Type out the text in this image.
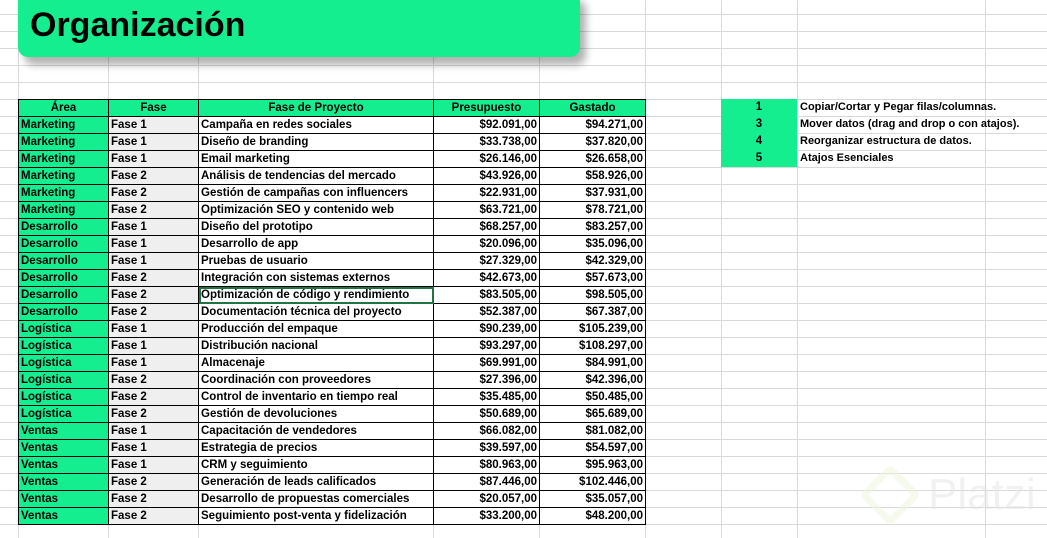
Organización
Área	Fase	Fase de Proyecto	Presupuesto	Gastado
Marketing	Fase 1	Campaña en redes sociales	$92.091,00	$94.271,00
Marketing	Fase 1	Diseño de branding	$33.738,00	$37.820,00
Marketing	Fase 1	Email marketing	$26.146,00	$26.658,00
Marketing	Fase 2	Análisis de tendencias del mercado	$43.926,00	$58.926,00
Marketing	Fase 2	Gestión de campañas con influencers	$22.931,00	$37.931,00
Marketing	Fase 2	Optimización SEO y contenido web	$63.721,00	$78.721,00
Desarrollo	Fase 1	Diseño del prototipo	$68.257,00	$83.257,00
Desarrollo	Fase 1	Desarrollo de app	$20.096,00	$35.096,00
Desarrollo	Fase 1	Pruebas de usuario	$27.329,00	$42.329,00
Desarrollo	Fase 2	Integración con sistemas externos	$42.673,00	$57.673,00
Desarrollo	Fase 2	Optimización de código y rendimiento	$83.505,00	$98.505,00
Desarrollo	Fase 2	Documentación técnica del proyecto	$52.387,00	$67.387,00
Logística	Fase 1	Producción del empaque	$90.239,00	$105.239,00
Logística	Fase 1	Distribución nacional	$93.297,00	$108.297,00
Logística	Fase 1	Almacenaje	$69.991,00	$84.991,00
Logística	Fase 2	Coordinación con proveedores	$27.396,00	$42.396,00
Logística	Fase 2	Control de inventario en tiempo real	$35.485,00	$50.485,00
Logística	Fase 2	Gestión de devoluciones	$50.689,00	$65.689,00
Ventas	Fase 1	Capacitación de vendedores	$66.082,00	$81.082,00
Ventas	Fase 1	Estrategia de precios	$39.597,00	$54.597,00
Ventas	Fase 1	CRM y seguimiento	$80.963,00	$95.963,00
Ventas	Fase 2	Generación de leads calificados	$87.446,00	$102.446,00
Ventas	Fase 2	Desarrollo de propuestas comerciales	$20.057,00	$35.057,00
Ventas	Fase 2	Seguimiento post-venta y fidelización	$33.200,00	$48.200,00
1	Copiar/Cortar y Pegar filas/columnas.
3	Mover datos (drag and drop o con atajos).
4	Reorganizar estructura de datos.
5	Atajos Esenciales
Platzi
